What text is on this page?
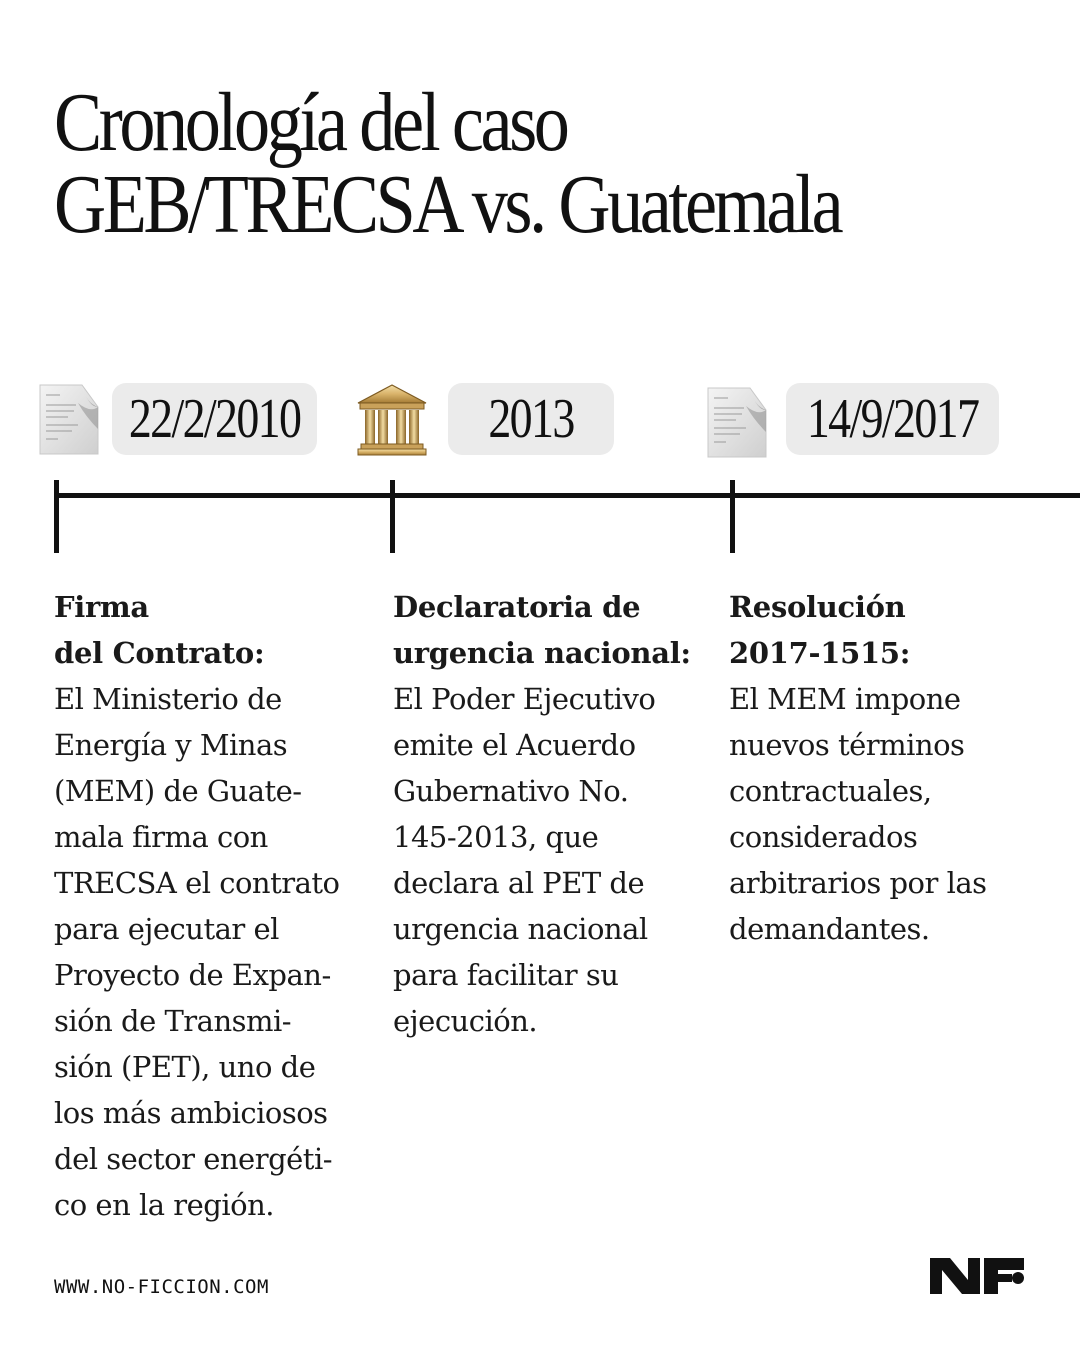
Cronología del caso
GEB/TRECSA vs. Guatemala
22/2/2010	2013	14/9/2017
Firma
del Contrato:
El Ministerio de
Energía y Minas
(MEM) de Guate-
mala firma con
TRECSA el contrato
para ejecutar el
Proyecto de Expan-
sión de Transmi-
sión (PET), uno de
los más ambiciosos
del sector energéti-
co en la región.
Declaratoria de
urgencia nacional:
El Poder Ejecutivo
emite el Acuerdo
Gubernativo No.
145-2013, que
declara al PET de
urgencia nacional
para facilitar su
ejecución.
Resolución
2017-1515:
El MEM impone
nuevos términos
contractuales,
considerados
arbitrarios por las
demandantes.
WWW.NO-FICCION.COM
